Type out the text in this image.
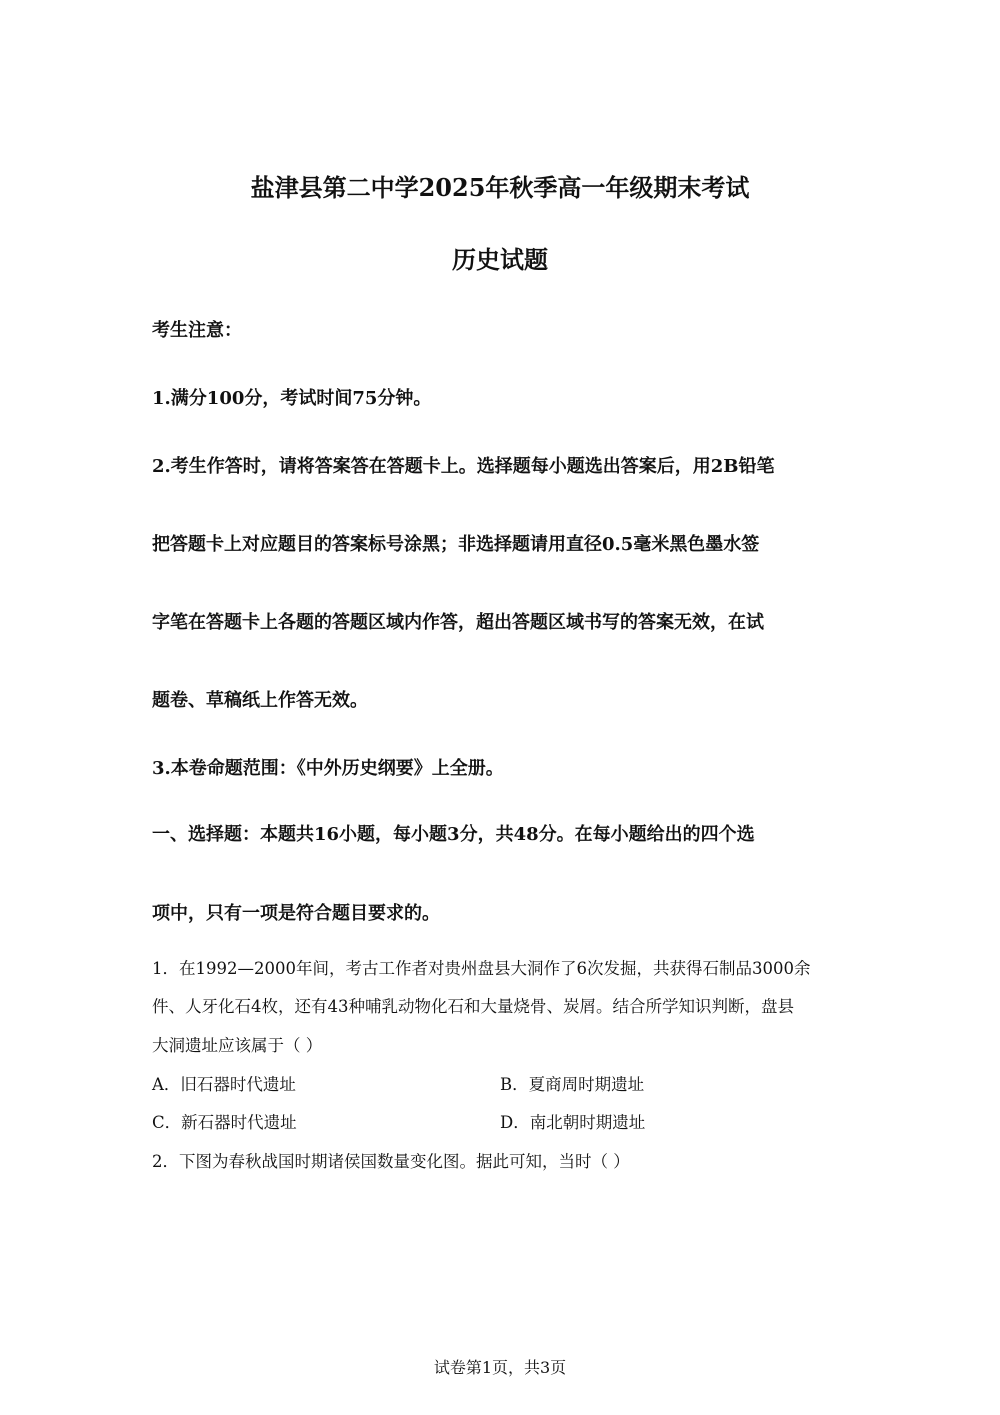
盐津县第二中学2025年秋季高一年级期末考试
历史试题
考生注意：
1.满分100分，考试时间75分钟。
2.考生作答时，请将答案答在答题卡上。选择题每小题选出答案后，用2B铅笔
把答题卡上对应题目的答案标号涂黑；非选择题请用直径0.5毫米黑色墨水签
字笔在答题卡上各题的答题区域内作答，超出答题区域书写的答案无效，在试
题卷、草稿纸上作答无效。
3.本卷命题范围：《中外历史纲要》上全册。
一、选择题：本题共16小题，每小题3分，共48分。在每小题给出的四个选
项中，只有一项是符合题目要求的。
1．在1992—2000年间，考古工作者对贵州盘县大洞作了6次发掘，共获得石制品3000余
件、人牙化石4枚，还有43种哺乳动物化石和大量烧骨、炭屑。结合所学知识判断，盘县
大洞遗址应该属于（ ）
A．旧石器时代遗址	B．夏商周时期遗址
C．新石器时代遗址	D．南北朝时期遗址
2．下图为春秋战国时期诸侯国数量变化图。据此可知，当时（ ）
试卷第1页，共3页
